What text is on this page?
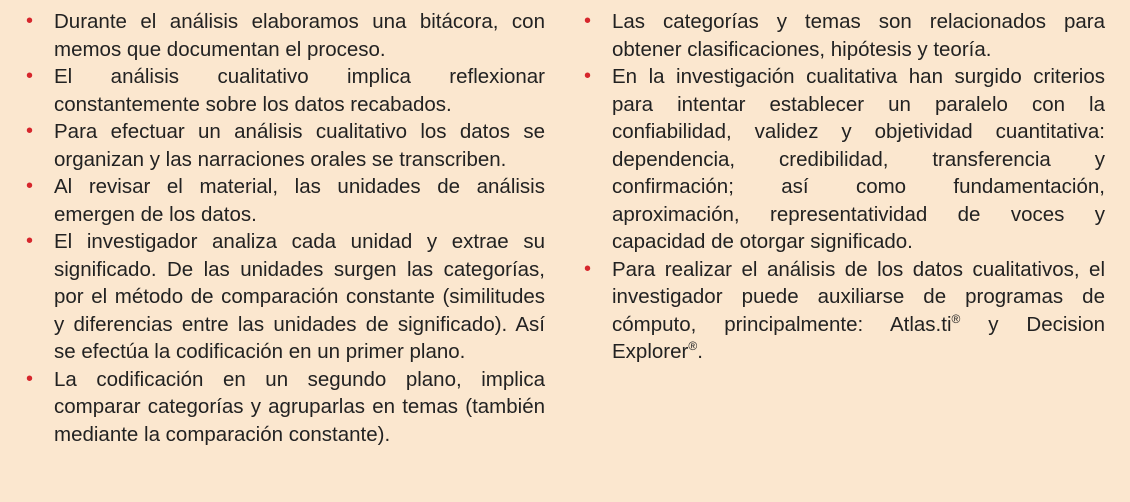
• Durante el análisis elaboramos una bitácora, con memos que documentan el proceso.
• El análisis cualitativo implica reflexionar constantemente sobre los datos recabados.
• Para efectuar un análisis cualitativo los datos se organizan y las narraciones orales se transcriben.
• Al revisar el material, las unidades de análisis emergen de los datos.
• El investigador analiza cada unidad y extrae su significado. De las unidades surgen las categorías, por el método de comparación constante (similitudes y diferencias entre las unidades de significado). Así se efectúa la codificación en un primer plano.
• La codificación en un segundo plano, implica comparar categorías y agruparlas en temas (también mediante la comparación constante).
• Las categorías y temas son relacionados para obtener clasificaciones, hipótesis y teoría.
• En la investigación cualitativa han surgido criterios para intentar establecer un paralelo con la confiabilidad, validez y objetividad cuantitativa: dependencia, credibilidad, transferencia y confirmación; así como fundamentación, aproximación, representatividad de voces y capacidad de otorgar significado.
• Para realizar el análisis de los datos cualitativos, el investigador puede auxiliarse de programas de cómputo, principalmente: Atlas.ti® y Decision Explorer®.
